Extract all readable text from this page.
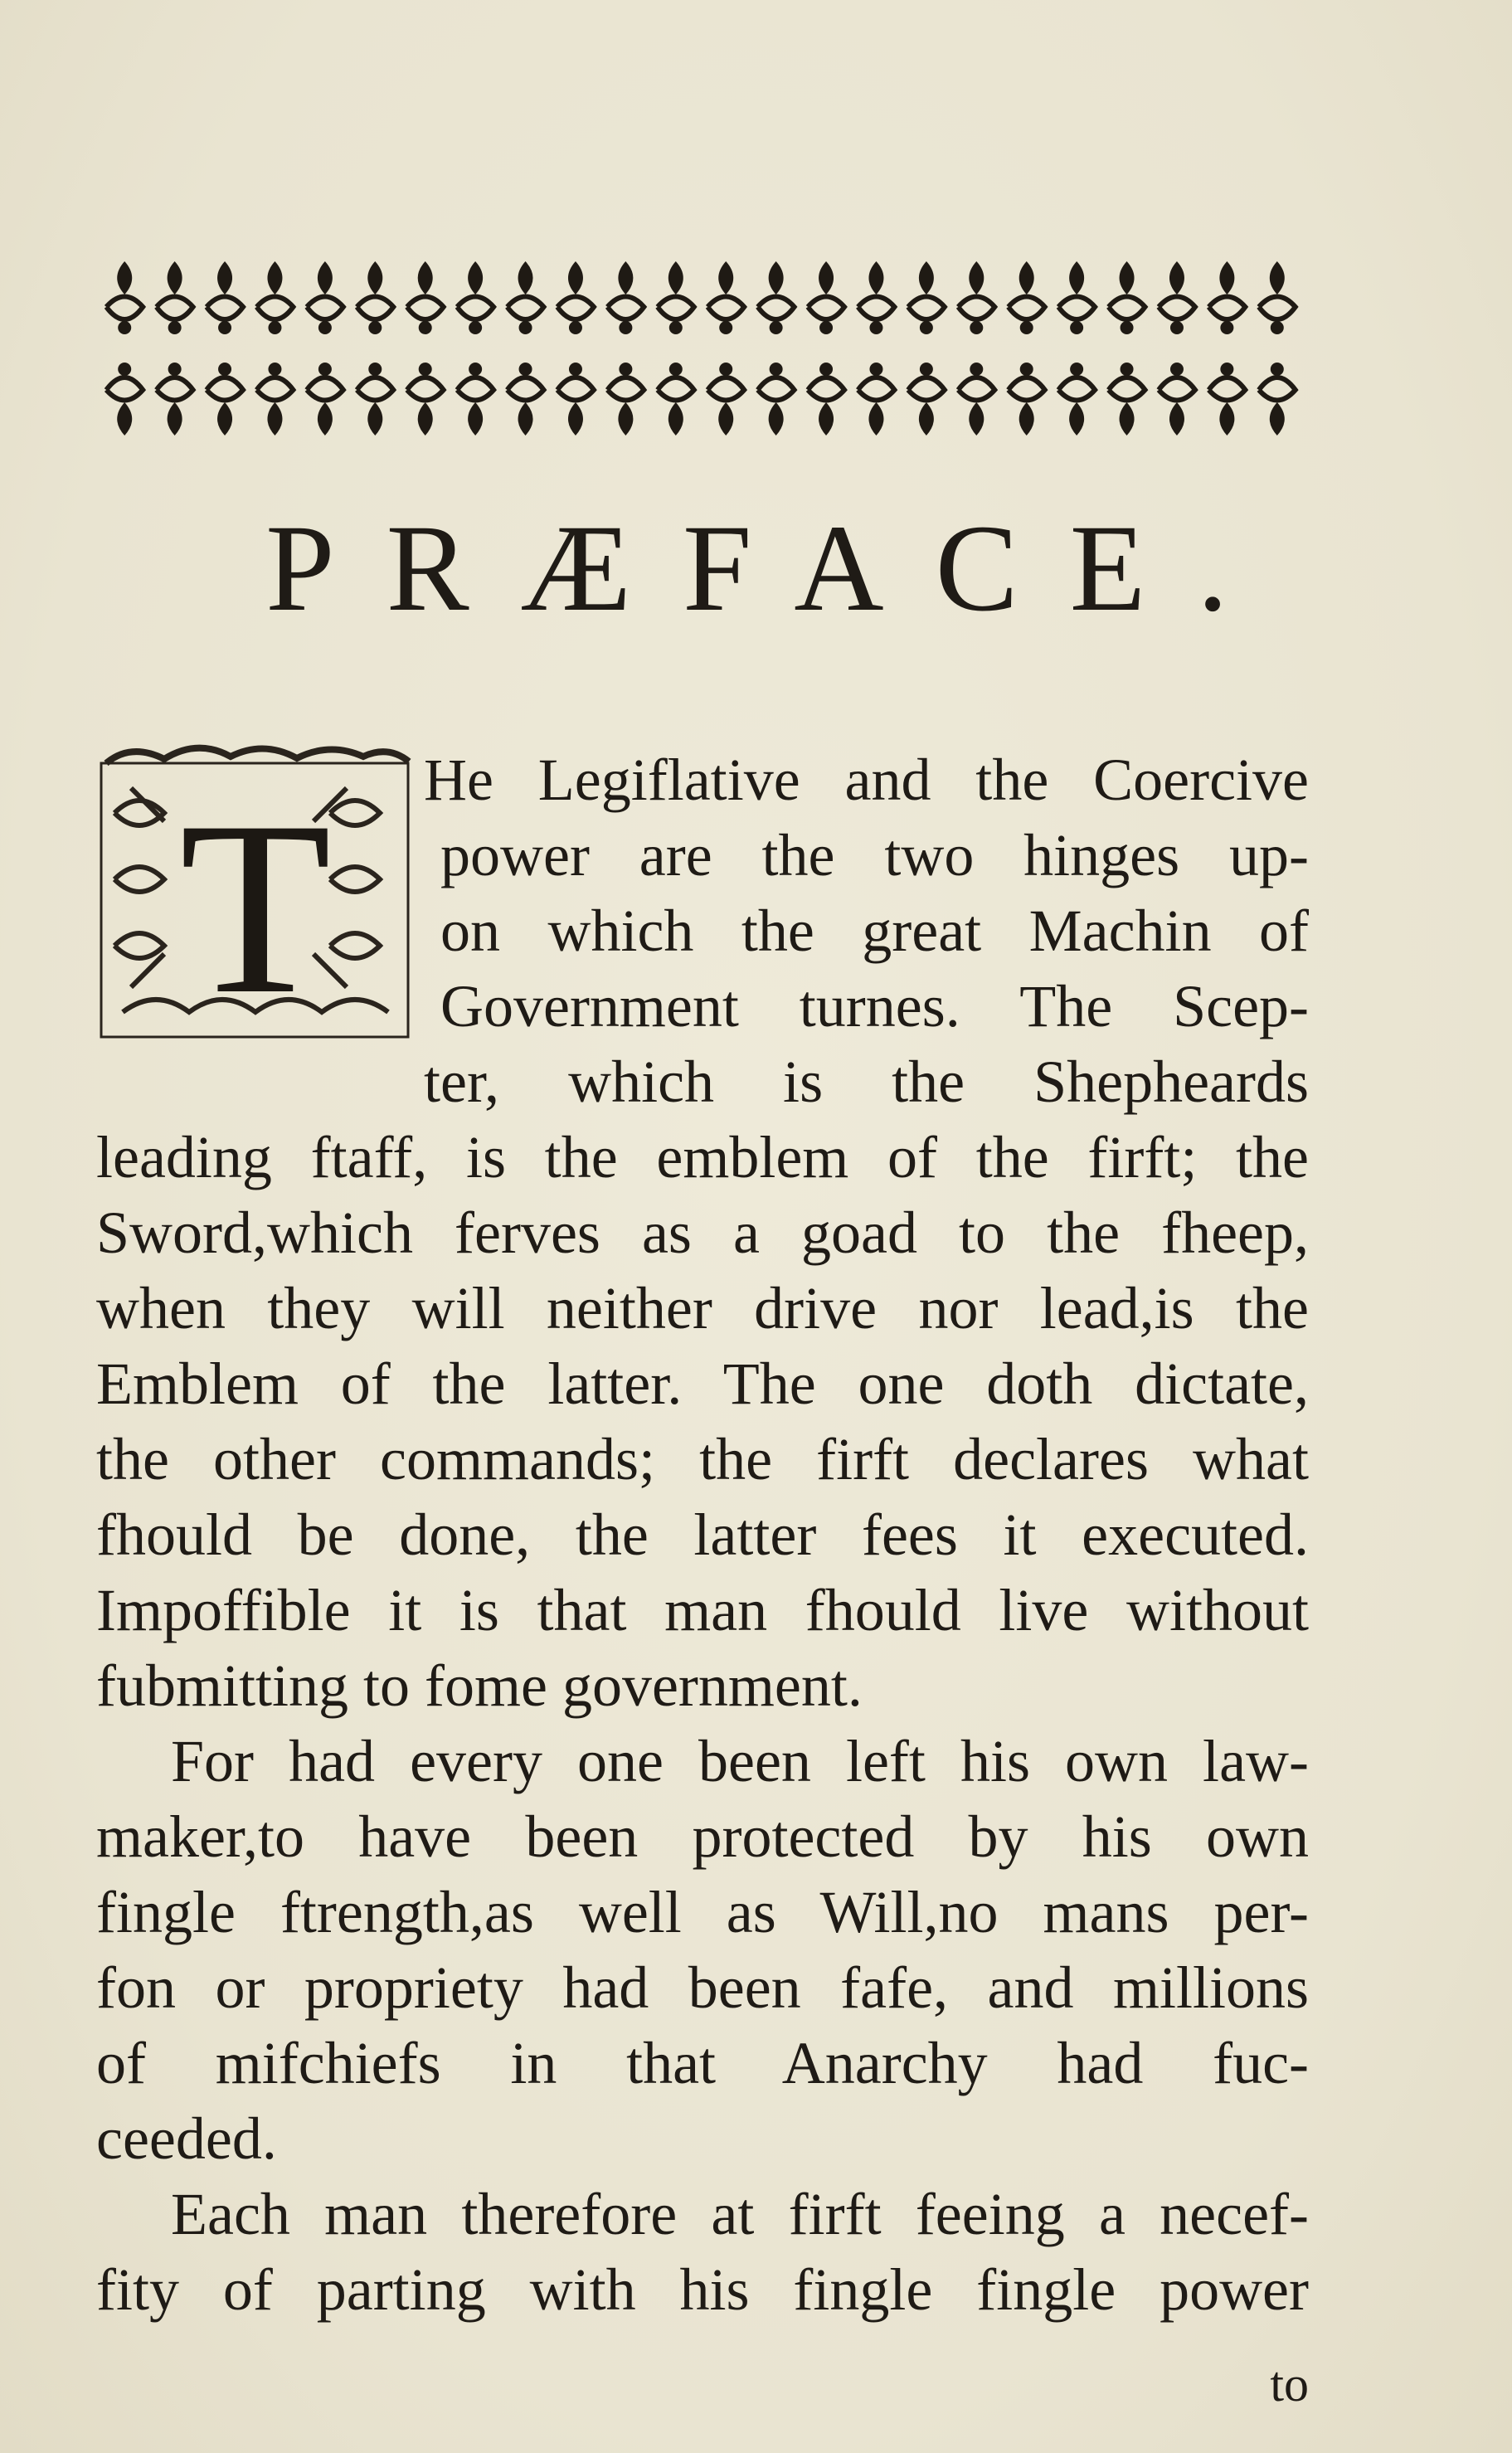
PRÆFACE.
T He Legiflative and the Coercive
power are the two hinges up-
on which the great Machin of
Government turnes. The Scep-
ter, which is the Shepheards
leading ftaff, is the emblem of the firft; the
Sword,which ferves as a goad to the fheep,
when they will neither drive nor lead,is the
Emblem of the latter. The one doth dictate,
the other commands; the firft declares what
fhould be done, the latter fees it executed.
Impoffible it is that man fhould live without
fubmitting to fome government.
For had every one been left his own law-
maker,to have been protected by his own
fingle ftrength,as well as Will,no mans per-
fon or propriety had been fafe, and millions
of mifchiefs in that Anarchy had fuc-
ceeded.
Each man therefore at firft feeing a necef-
fity of parting with his fingle fingle power
to
